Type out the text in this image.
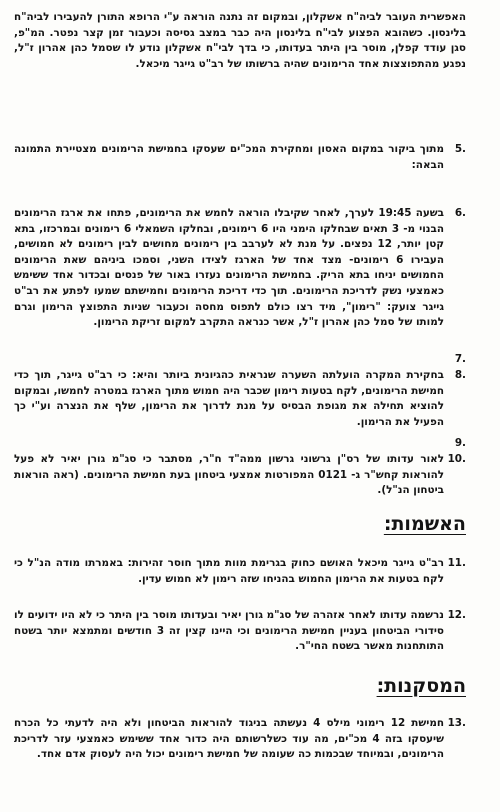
האפשרית העובר לביה"ח אשקלון, ובמקום זה נתנה הוראה ע"י הרופא התורן להעבירו לביה"ח בלינסון. כשהובא הפצוע לבי"ח בלינסון היה כבר במצב גסיסה וכעבור זמן קצר נפטר. המ"פ, סגן עודד קפלן, מוסר בין היתר בעדותו, כי בדך לבי"ח אשקלון נודע לו שסמל כהן אהרון ז"ל, נפגע מהתפוצצות אחד הרימונים שהיה ברשותו של רב"ט גייגר מיכאל.
5.
מתוך ביקור במקום האסון ומחקירת המכ"ים שעסקו בחמישת הרימונים מצטיירת התמונה הבאה:
6.
בשעה 19:45 לערך, לאחר שקיבלו הוראה לחמש את הרימונים, פתחו את ארגז הרימונים הבנוי מ- 3 תאים שבחלקו הימני היו 6 רימונים, ובחלקו השמאלי 6 רימונים ובמרכזו, בתא קטן יותר, 12 נפצים. על מנת לא לערבב בין רימונים מחושים לבין רימונים לא חמושים, העבירו 6 רימונים- מצד אחד של הארגז לצידו השני, וסמכו ביניהם שאת הרימונים החמושים יניחו בתא הריק. בחמישת הרימונים נעזרו באור של פנסים ובכדור אחד ששימש כאמצעי נשק לדריכת הרימונים. תוך כדי דריכת הרימונים וחמישתם שמעו לפתע את רב"ט גייגר צועק: "רימון", מיד רצו כולם לתפוס מחסה וכעבור שניות התפוצץ הרימון וגרם למותו של סמל כהן אהרון ז"ל, אשר כנראה התקרב למקום זריקת הרימון.
7.
8.
בחקירת המקרה הועלתה השערה שנראית כהגיונית ביותר והיא: כי רב"ט גייגר, תוך כדי חמישת הרימונים, לקח בטעות רימון שכבר היה חמוש מתוך הארגז במטרה לחמשו, ובמקום להוציא תחילה את מגופת הבסיס על מנת לדרוך את הרימון, שלף את הנצרה וע"י כך הפעיל את הרימון.
9.
10.
לאור עדותו של רס"ן גרשוני גרשון ממה"ד ח"ר, מסתבר כי סג"מ גורן יאיר לא פעל להוראות קחש"ר ג- 0121 המפורטות אמצעי ביטחון בעת חמישת הרימונים. (ראה הוראות ביטחון הנ"ל).
האשמות:
11.
רב"ט גייגר מיכאל האושם כחוק בגרימת מוות מתוך חוסר זהירות: באמרתו מודה הנ"ל כי לקח בטעות את הרימון החמוש בהניחו שזה רימון לא חמוש עדין.
12.
נרשמה עדותו לאחר אזהרה של סג"מ גורן יאיר ובעדותו מוסר בין היתר כי לא היו ידועים לו סידורי הביטחון בעניין חמישת הרימונים וכי היינו קצין זה 3 חודשים ומתמצא יותר בשטח התותחנות מאשר בשטח החי"ר.
המסקנות:
13.
חמישת 12 רימוני מילס 4 נעשתה בניגוד להוראות הביטחון ולא היה לדעתי כל הכרח שיעסקו בזה 4 מכ"ים, מה עוד כשלרשותם היה כדור אחד ששימש כאמצעי עזר לדריכת הרימונים, ובמיוחד שבכמות כה שעומה של חמישת רימונים יכול היה לעסוק אדם אחד.
